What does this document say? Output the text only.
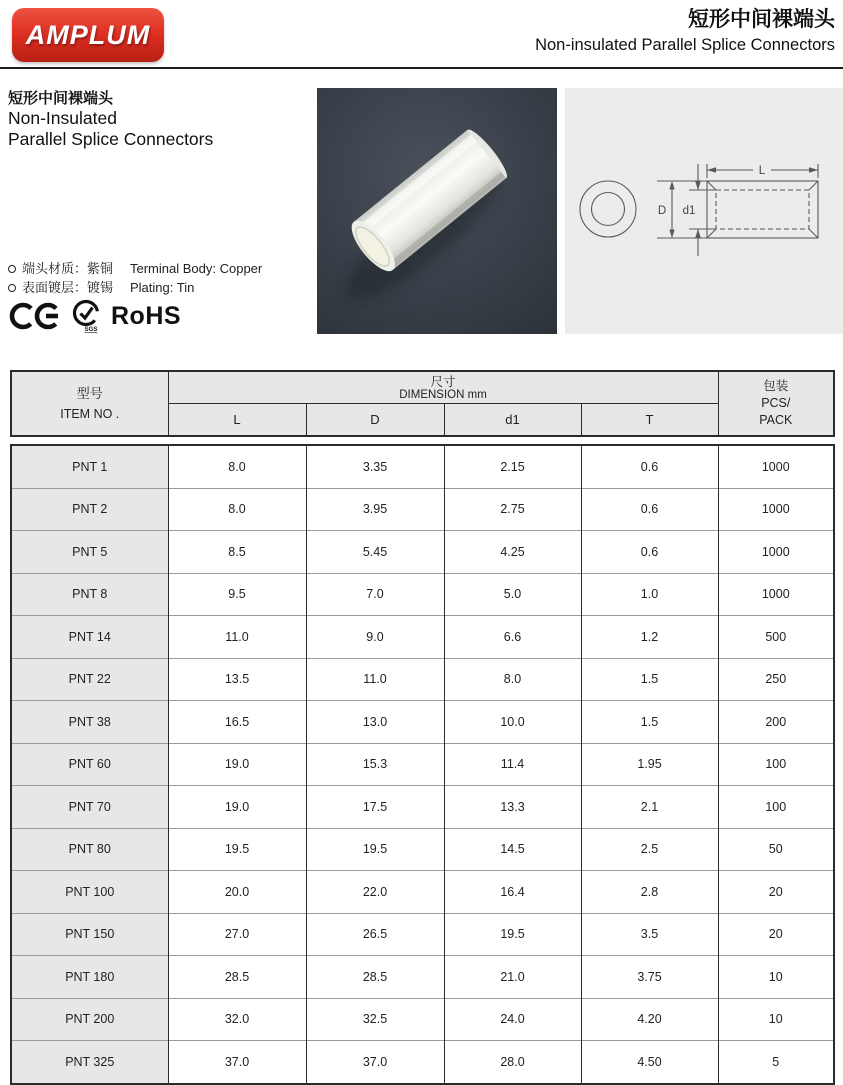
AMPLUM	短形中间裸端头
Non-insulated Parallel Splice Connectors
短形中间裸端头
Non-Insulated
Parallel Splice Connectors
端头材质：紫铜	Terminal Body: Copper
表面镀层：镀锡	Plating: Tin
SGS RoHS
L
D d1
型号
ITEM NO .

尺寸
DIMENSION mm

包装
PCS/
PACK

	L	D	d1	T	
PNT 1	8.0	3.35	2.15	0.6	1000
PNT 2	8.0	3.95	2.75	0.6	1000
PNT 5	8.5	5.45	4.25	0.6	1000
PNT 8	9.5	7.0	5.0	1.0	1000
PNT 14	11.0	9.0	6.6	1.2	500
PNT 22	13.5	11.0	8.0	1.5	250
PNT 38	16.5	13.0	10.0	1.5	200
PNT 60	19.0	15.3	11.4	1.95	100
PNT 70	19.0	17.5	13.3	2.1	100
PNT 80	19.5	19.5	14.5	2.5	50
PNT 100	20.0	22.0	16.4	2.8	20
PNT 150	27.0	26.5	19.5	3.5	20
PNT 180	28.5	28.5	21.0	3.75	10
PNT 200	32.0	32.5	24.0	4.20	10
PNT 325	37.0	37.0	28.0	4.50	5
